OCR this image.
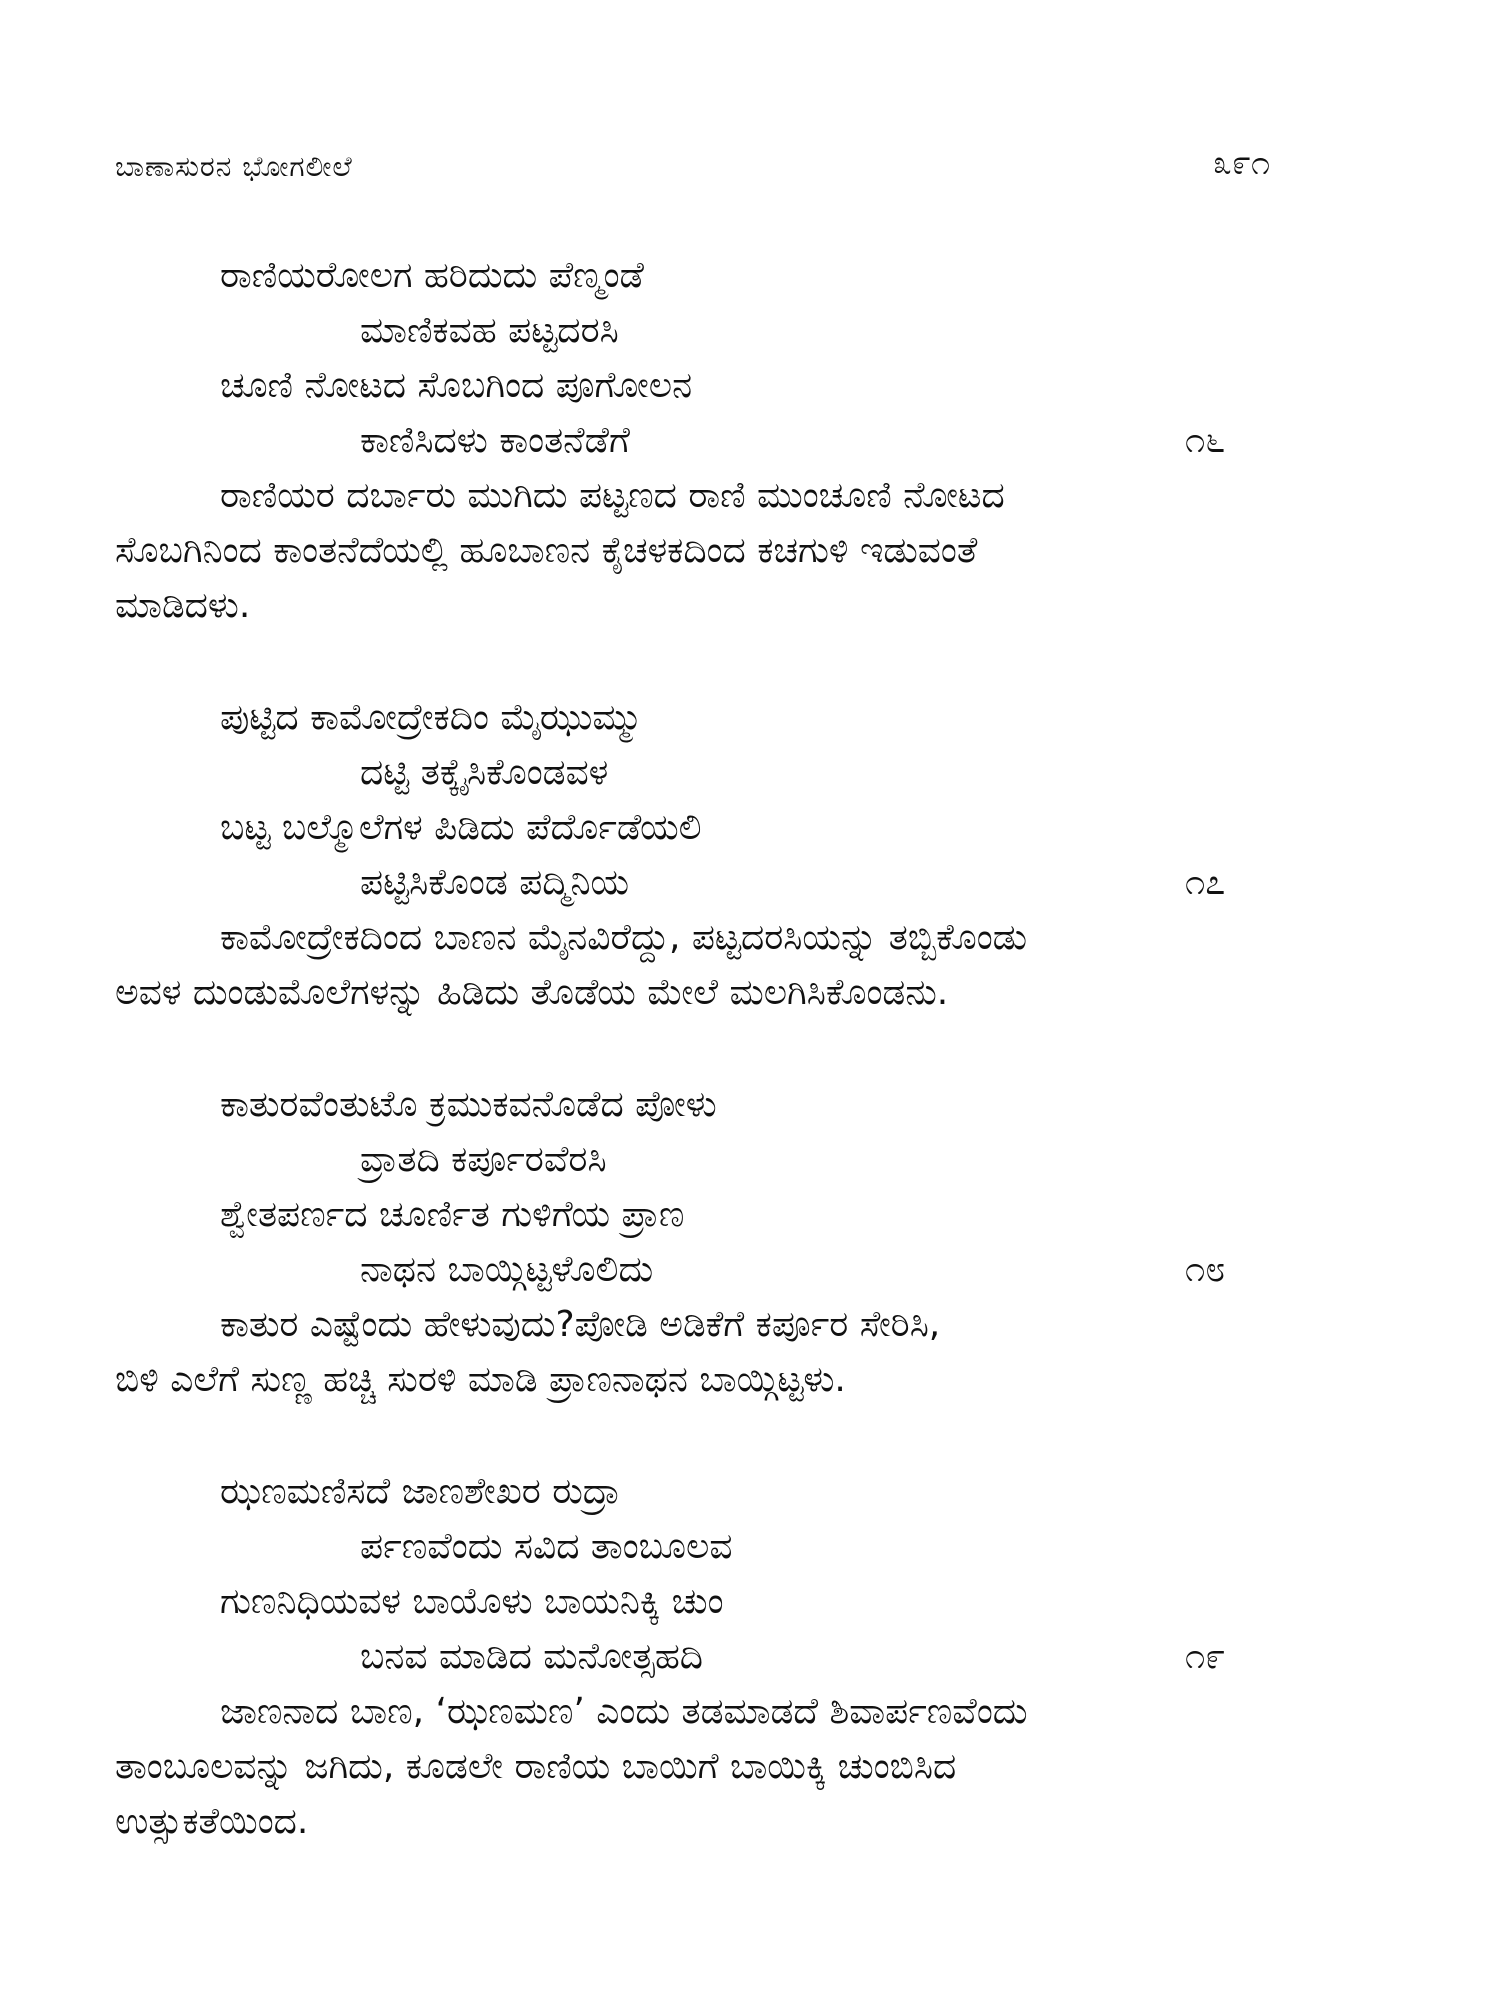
ಬಾಣಾಸುರನ ಭೋಗಲೀಲೆ	೩೯೧
ರಾಣಿಯರೋಲಗ ಹರಿದುದು ಪೆಣ್ಮಂಡೆ
ಮಾಣಿಕವಹ ಪಟ್ಟದರಸಿ
ಚೂಣಿ ನೋಟದ ಸೊಬಗಿಂದ ಪೂಗೋಲನ
ಕಾಣಿಸಿದಳು ಕಾಂತನೆಡೆಗೆ	೧೬
ರಾಣಿಯರ ದರ್ಬಾರು ಮುಗಿದು ಪಟ್ಟಣದ ರಾಣಿ ಮುಂಚೂಣಿ ನೋಟದ
ಸೊಬಗಿನಿಂದ ಕಾಂತನೆದೆಯಲ್ಲಿ ಹೂಬಾಣನ ಕೈಚಳಕದಿಂದ ಕಚಗುಳಿ ಇಡುವಂತೆ
ಮಾಡಿದಳು.
ಪುಟ್ಟಿದ ಕಾಮೋದ್ರೇಕದಿಂ ಮೈಝುಮ್ಮು
ದಟ್ಟಿ ತಕ್ಕೈಸಿಕೊಂಡವಳ
ಬಟ್ಟ ಬಲ್ಮೊಲೆಗಳ ಪಿಡಿದು ಪೆರ್ದೊಡೆಯಲಿ
ಪಟ್ಟಿಸಿಕೊಂಡ ಪದ್ಮಿನಿಯ	೧೭
ಕಾಮೋದ್ರೇಕದಿಂದ ಬಾಣನ ಮೈನವಿರೆದ್ದು, ಪಟ್ಟದರಸಿಯನ್ನು ತಬ್ಬಿಕೊಂಡು
ಅವಳ ದುಂಡುಮೊಲೆಗಳನ್ನು ಹಿಡಿದು ತೊಡೆಯ ಮೇಲೆ ಮಲಗಿಸಿಕೊಂಡನು.
ಕಾತುರವೆಂತುಟೊ ಕ್ರಮುಕವನೊಡೆದ ಪೋಳು
ವ್ರಾತದಿ ಕರ್ಪೂರವೆರಸಿ
ಶ್ವೇತಪರ್ಣದ ಚೂರ್ಣಿತ ಗುಳಿಗೆಯ ಪ್ರಾಣ
ನಾಥನ ಬಾಯ್ಗಿಟ್ಟಳೊಲಿದು	೧೮
ಕಾತುರ ಎಷ್ಟೆಂದು ಹೇಳುವುದು?ಪೋಡಿ ಅಡಿಕೆಗೆ ಕರ್ಪೂರ ಸೇರಿಸಿ,
ಬಿಳಿ ಎಲೆಗೆ ಸುಣ್ಣ ಹಚ್ಚಿ ಸುರಳಿ ಮಾಡಿ ಪ್ರಾಣನಾಥನ ಬಾಯ್ಗಿಟ್ಟಳು.
ಝಣಮಣಿಸದೆ ಜಾಣಶೇಖರ ರುದ್ರಾ
ರ್ಪಣವೆಂದು ಸವಿದ ತಾಂಬೂಲವ
ಗುಣನಿಧಿಯವಳ ಬಾಯೊಳು ಬಾಯನಿಕ್ಕಿ ಚುಂ
ಬನವ ಮಾಡಿದ ಮನೋತ್ಸಹದಿ	೧೯
ಜಾಣನಾದ ಬಾಣ, ‘ಝಣಮಣ’ ಎಂದು ತಡಮಾಡದೆ ಶಿವಾರ್ಪಣವೆಂದು
ತಾಂಬೂಲವನ್ನು ಜಗಿದು, ಕೂಡಲೇ ರಾಣಿಯ ಬಾಯಿಗೆ ಬಾಯಿಕ್ಕಿ ಚುಂಬಿಸಿದ
ಉತ್ಸುಕತೆಯಿಂದ.
